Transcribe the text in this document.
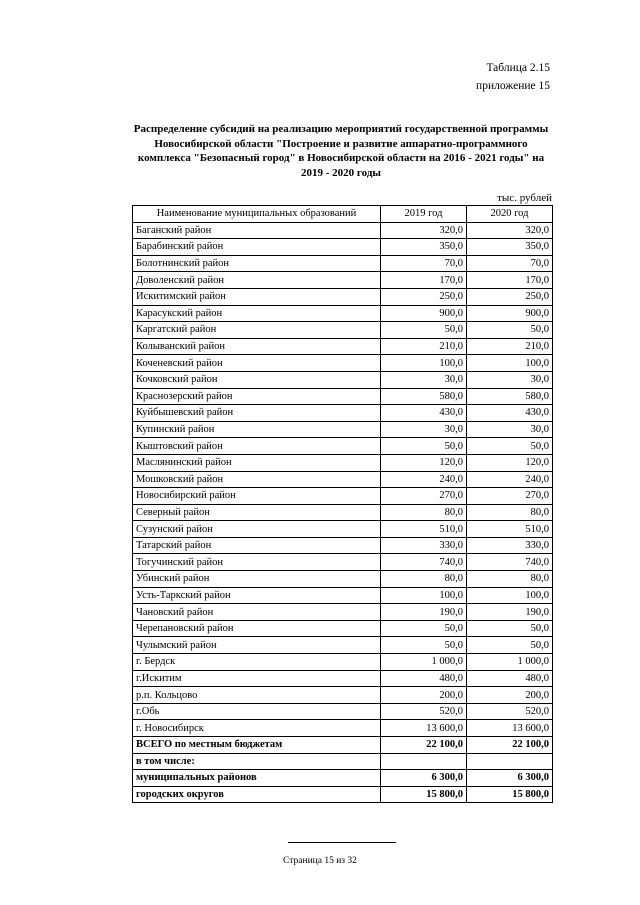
Таблица 2.15
приложение 15
Распределение субсидий на реализацию мероприятий государственной программы Новосибирской области "Построение и развитие аппаратно-программного комплекса "Безопасный город" в Новосибирской области на 2016 - 2021 годы" на 2019 - 2020 годы
тыс. рублей
Наименование муниципальных образований	2019 год	2020 год
Баганский район	320,0	320,0
Барабинский район	350,0	350,0
Болотнинский район	70,0	70,0
Доволенский район	170,0	170,0
Искитимский район	250,0	250,0
Карасукский район	900,0	900,0
Каргатский район	50,0	50,0
Колыванский район	210,0	210,0
Коченевский район	100,0	100,0
Кочковский район	30,0	30,0
Краснозерский район	580,0	580,0
Куйбышевский район	430,0	430,0
Купинский район	30,0	30,0
Кыштовский район	50,0	50,0
Маслянинский район	120,0	120,0
Мошковский район	240,0	240,0
Новосибирский район	270,0	270,0
Северный район	80,0	80,0
Сузунский район	510,0	510,0
Татарский район	330,0	330,0
Тогучинский район	740,0	740,0
Убинский район	80,0	80,0
Усть-Таркский район	100,0	100,0
Чановский район	190,0	190,0
Черепановский район	50,0	50,0
Чулымский район	50,0	50,0
г. Бердск	1 000,0	1 000,0
г.Искитим	480,0	480,0
р.п. Кольцово	200,0	200,0
г.Обь	520,0	520,0
г. Новосибирск	13 600,0	13 600,0
ВСЕГО по местным бюджетам	22 100,0	22 100,0
в том числе:		
муниципальных районов	6 300,0	6 300,0
городских округов	15 800,0	15 800,0
Страница 15 из 32
